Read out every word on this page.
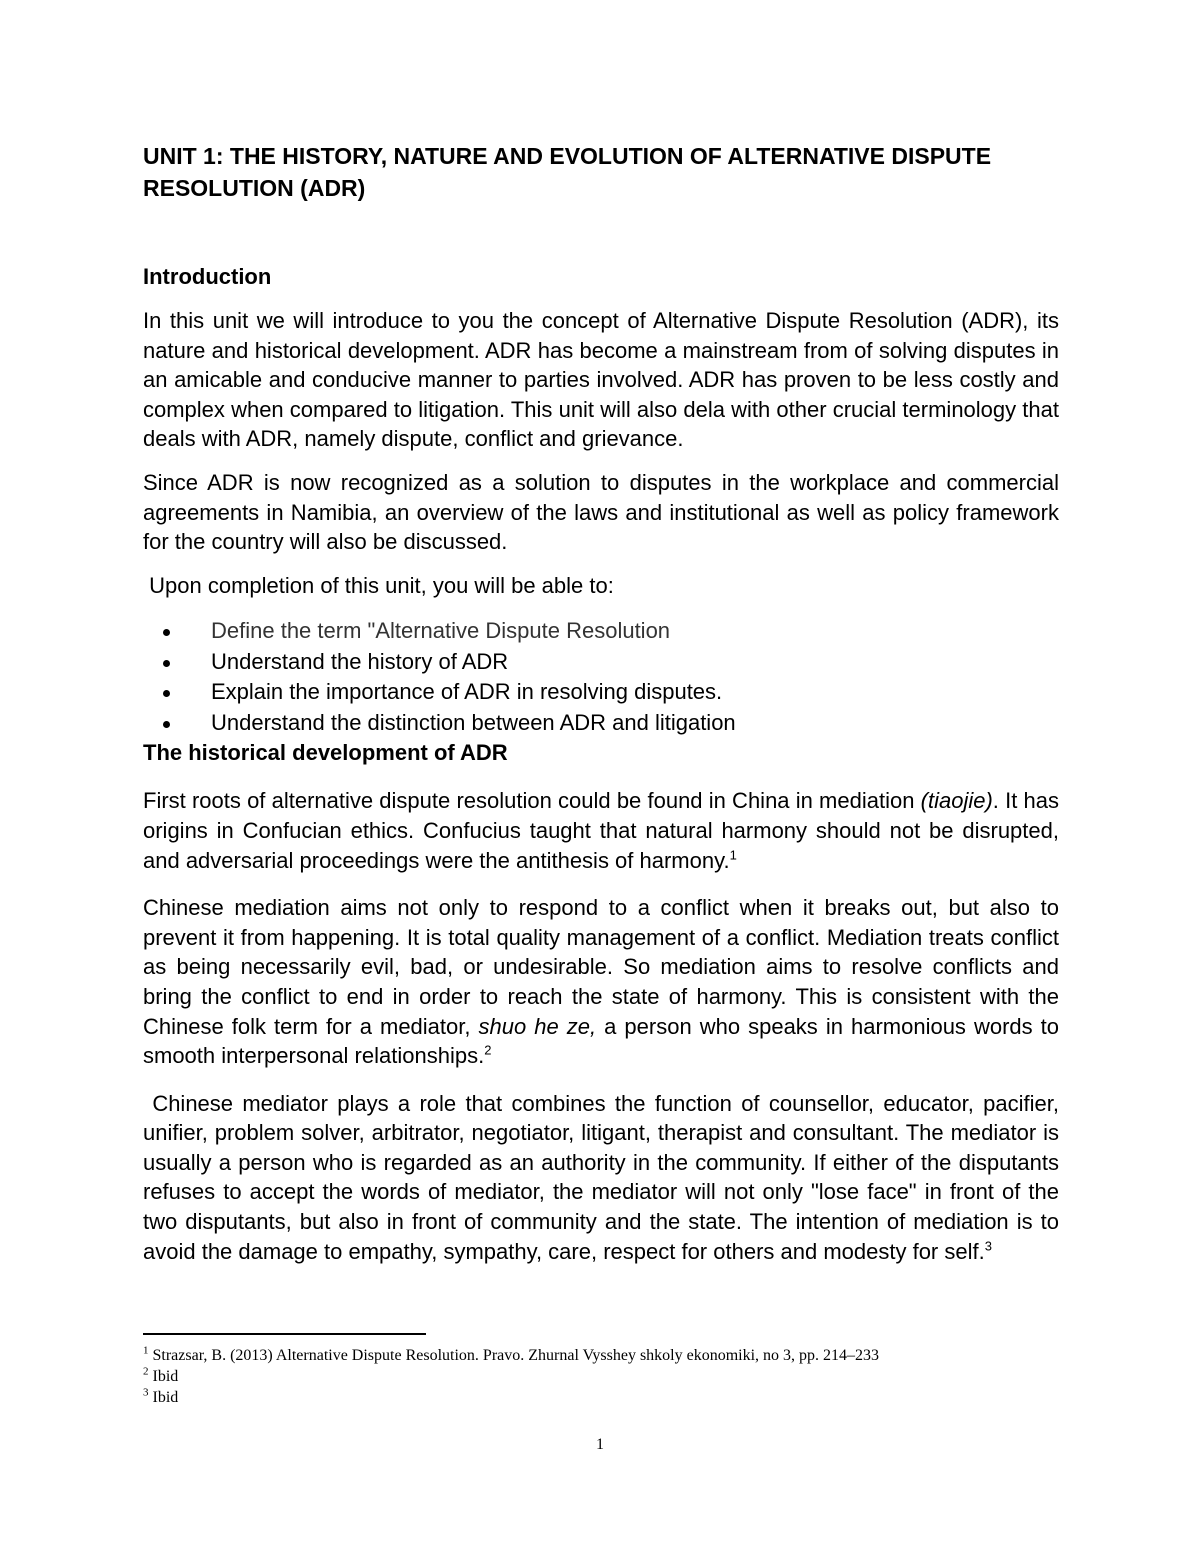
UNIT 1: THE HISTORY, NATURE AND EVOLUTION OF ALTERNATIVE DISPUTE RESOLUTION (ADR)
Introduction

In this unit we will introduce to you the concept of Alternative Dispute Resolution (ADR), its nature and historical development. ADR has become a mainstream from of solving disputes in an amicable and conducive manner to parties involved. ADR has proven to be less costly and complex when compared to litigation. This unit will also dela with other crucial terminology that deals with ADR, namely dispute, conflict and grievance.

Since ADR is now recognized as a solution to disputes in the workplace and commercial agreements in Namibia, an overview of the laws and institutional as well as policy framework for the country will also be discussed.

Upon completion of this unit, you will be able to:

Define the term "Alternative Dispute Resolution
Understand the history of ADR
Explain the importance of ADR in resolving disputes.
Understand the distinction between ADR and litigation
The historical development of ADR

First roots of alternative dispute resolution could be found in China in mediation (tiaojie). It has origins in Confucian ethics. Confucius taught that natural harmony should not be disrupted, and adversarial proceedings were the antithesis of harmony.$^1$

Chinese mediation aims not only to respond to a conflict when it breaks out, but also to prevent it from happening. It is total quality management of a conflict. Mediation treats conflict as being necessarily evil, bad, or undesirable. So mediation aims to resolve conflicts and bring the conflict to end in order to reach the state of harmony. This is consistent with the Chinese folk term for a mediator, shuo he ze, a person who speaks in harmonious words to smooth interpersonal relationships.$^2$

Chinese mediator plays a role that combines the function of counsellor, educator, pacifier, unifier, problem solver, arbitrator, negotiator, litigant, therapist and consultant. The mediator is usually a person who is regarded as an authority in the community. If either of the disputants refuses to accept the words of mediator, the mediator will not only "lose face" in front of the two disputants, but also in front of community and the state. The intention of mediation is to avoid the damage to empathy, sympathy, care, respect for others and modesty for self.$^3$

$^1$ Strazsar, B. (2013) Alternative Dispute Resolution. Pravo. Zhurnal Vysshey shkoly ekonomiki, no 3, pp. 214–233

$^2$ Ibid

$^3$ Ibid

1
